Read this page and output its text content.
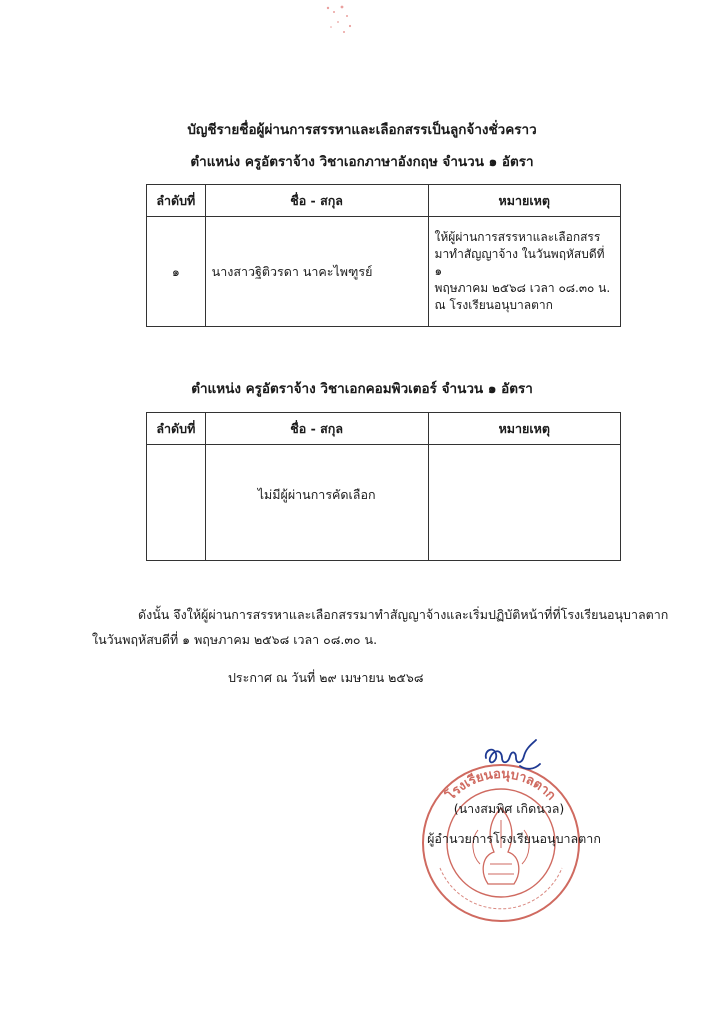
บัญชีรายชื่อผู้ผ่านการสรรหาและเลือกสรรเป็นลูกจ้างชั่วคราว
ตำแหน่ง ครูอัตราจ้าง วิชาเอกภาษาอังกฤษ จำนวน ๑ อัตรา
ลำดับที่	ชื่อ - สกุล	หมายเหตุ
๑	นางสาวฐิติวรดา นาคะไพฑูรย์	ให้ผู้ผ่านการสรรหาและเลือกสรร
มาทำสัญญาจ้าง ในวันพฤหัสบดีที่ ๑
พฤษภาคม ๒๕๖๘ เวลา ๐๘.๓๐ น.
ณ โรงเรียนอนุบาลตาก
ตำแหน่ง ครูอัตราจ้าง วิชาเอกคอมพิวเตอร์ จำนวน ๑ อัตรา
ลำดับที่	ชื่อ - สกุล	หมายเหตุ
	ไม่มีผู้ผ่านการคัดเลือก	
ดังนั้น จึงให้ผู้ผ่านการสรรหาและเลือกสรรมาทำสัญญาจ้างและเริ่มปฏิบัติหน้าที่ที่โรงเรียนอนุบาลตาก
ในวันพฤหัสบดีที่ ๑ พฤษภาคม ๒๕๖๘ เวลา ๐๘.๓๐ น.
ประกาศ ณ วันที่ ๒๙ เมษายน ๒๕๖๘
โรงเรียนอนุบาลตาก
(นางสมพิศ เกิดนวล)
ผู้อำนวยการโรงเรียนอนุบาลตาก
